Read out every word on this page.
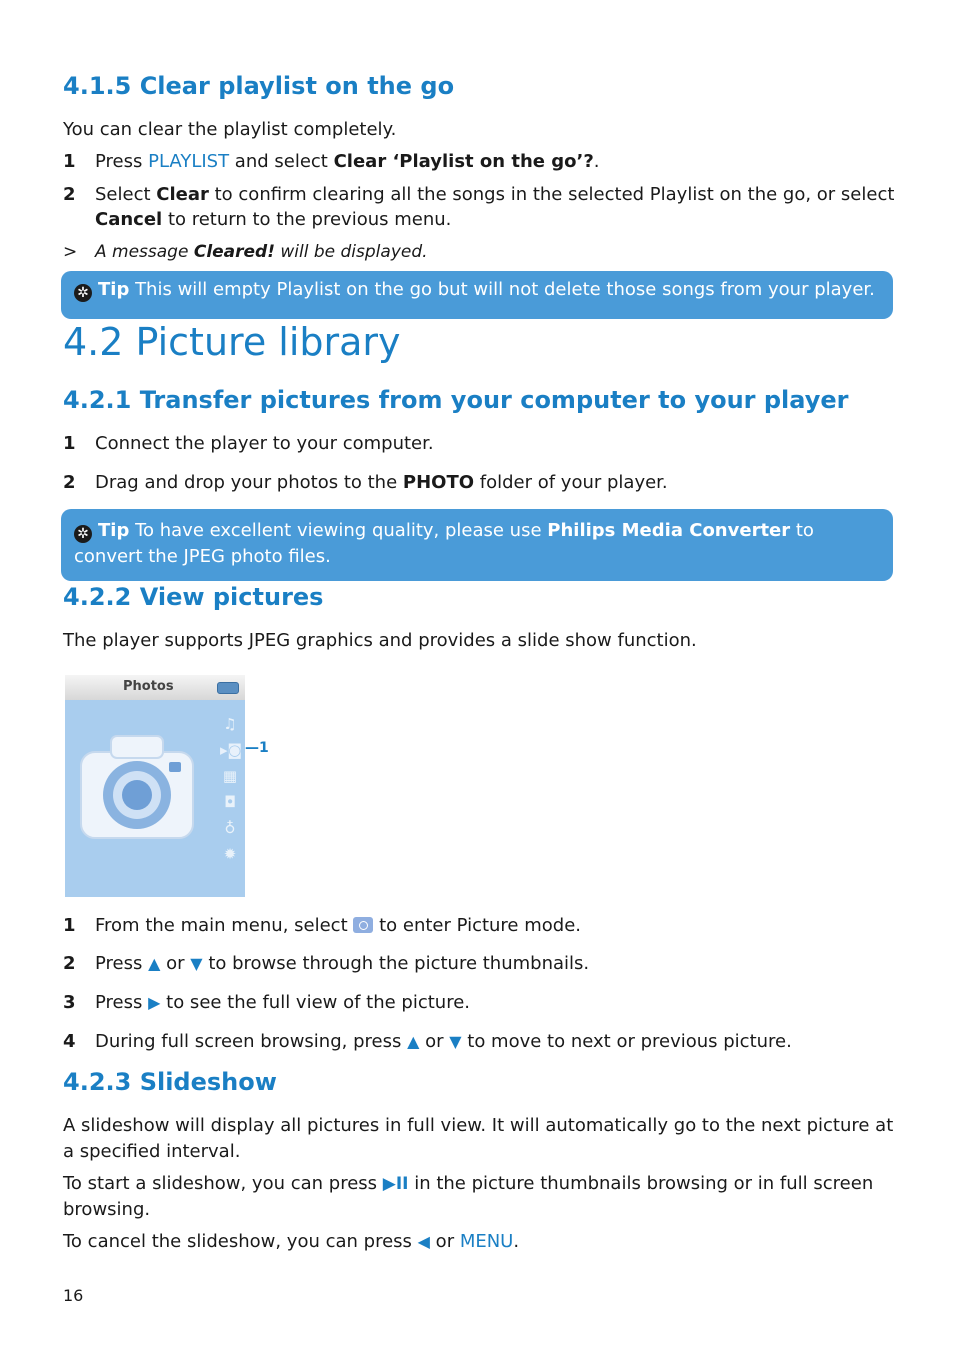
4.1.5 Clear playlist on the go
You can clear the playlist completely.
1 Press PLAYLIST and select Clear ‘Playlist on the go’?.
2 Select Clear to confirm clearing all the songs in the selected Playlist on the go, or select
Cancel to return to the previous menu.
> A message Cleared! will be displayed.
✲ Tip This will empty Playlist on the go but will not delete those songs from your player.
4.2 Picture library
4.2.1 Transfer pictures from your computer to your player
1 Connect the player to your computer.
2 Drag and drop your photos to the PHOTO folder of your player.
✲ Tip To have excellent viewing quality, please use Philips Media Converter to
convert the JPEG photo files.
4.2.2 View pictures
The player supports JPEG graphics and provides a slide show function.
Photos
♫
▸◙
▦
◘
♁
✹
—1
1 From the main menu, select  to enter Picture mode.
2 Press ▲ or ▼ to browse through the picture thumbnails.
3 Press ▶ to see the full view of the picture.
4 During full screen browsing, press ▲ or ▼ to move to next or previous picture.
4.2.3 Slideshow
A slideshow will display all pictures in full view. It will automatically go to the next picture at
a specified interval.
To start a slideshow, you can press ▶II in the picture thumbnails browsing or in full screen
browsing.
To cancel the slideshow, you can press ◀ or MENU.
16
